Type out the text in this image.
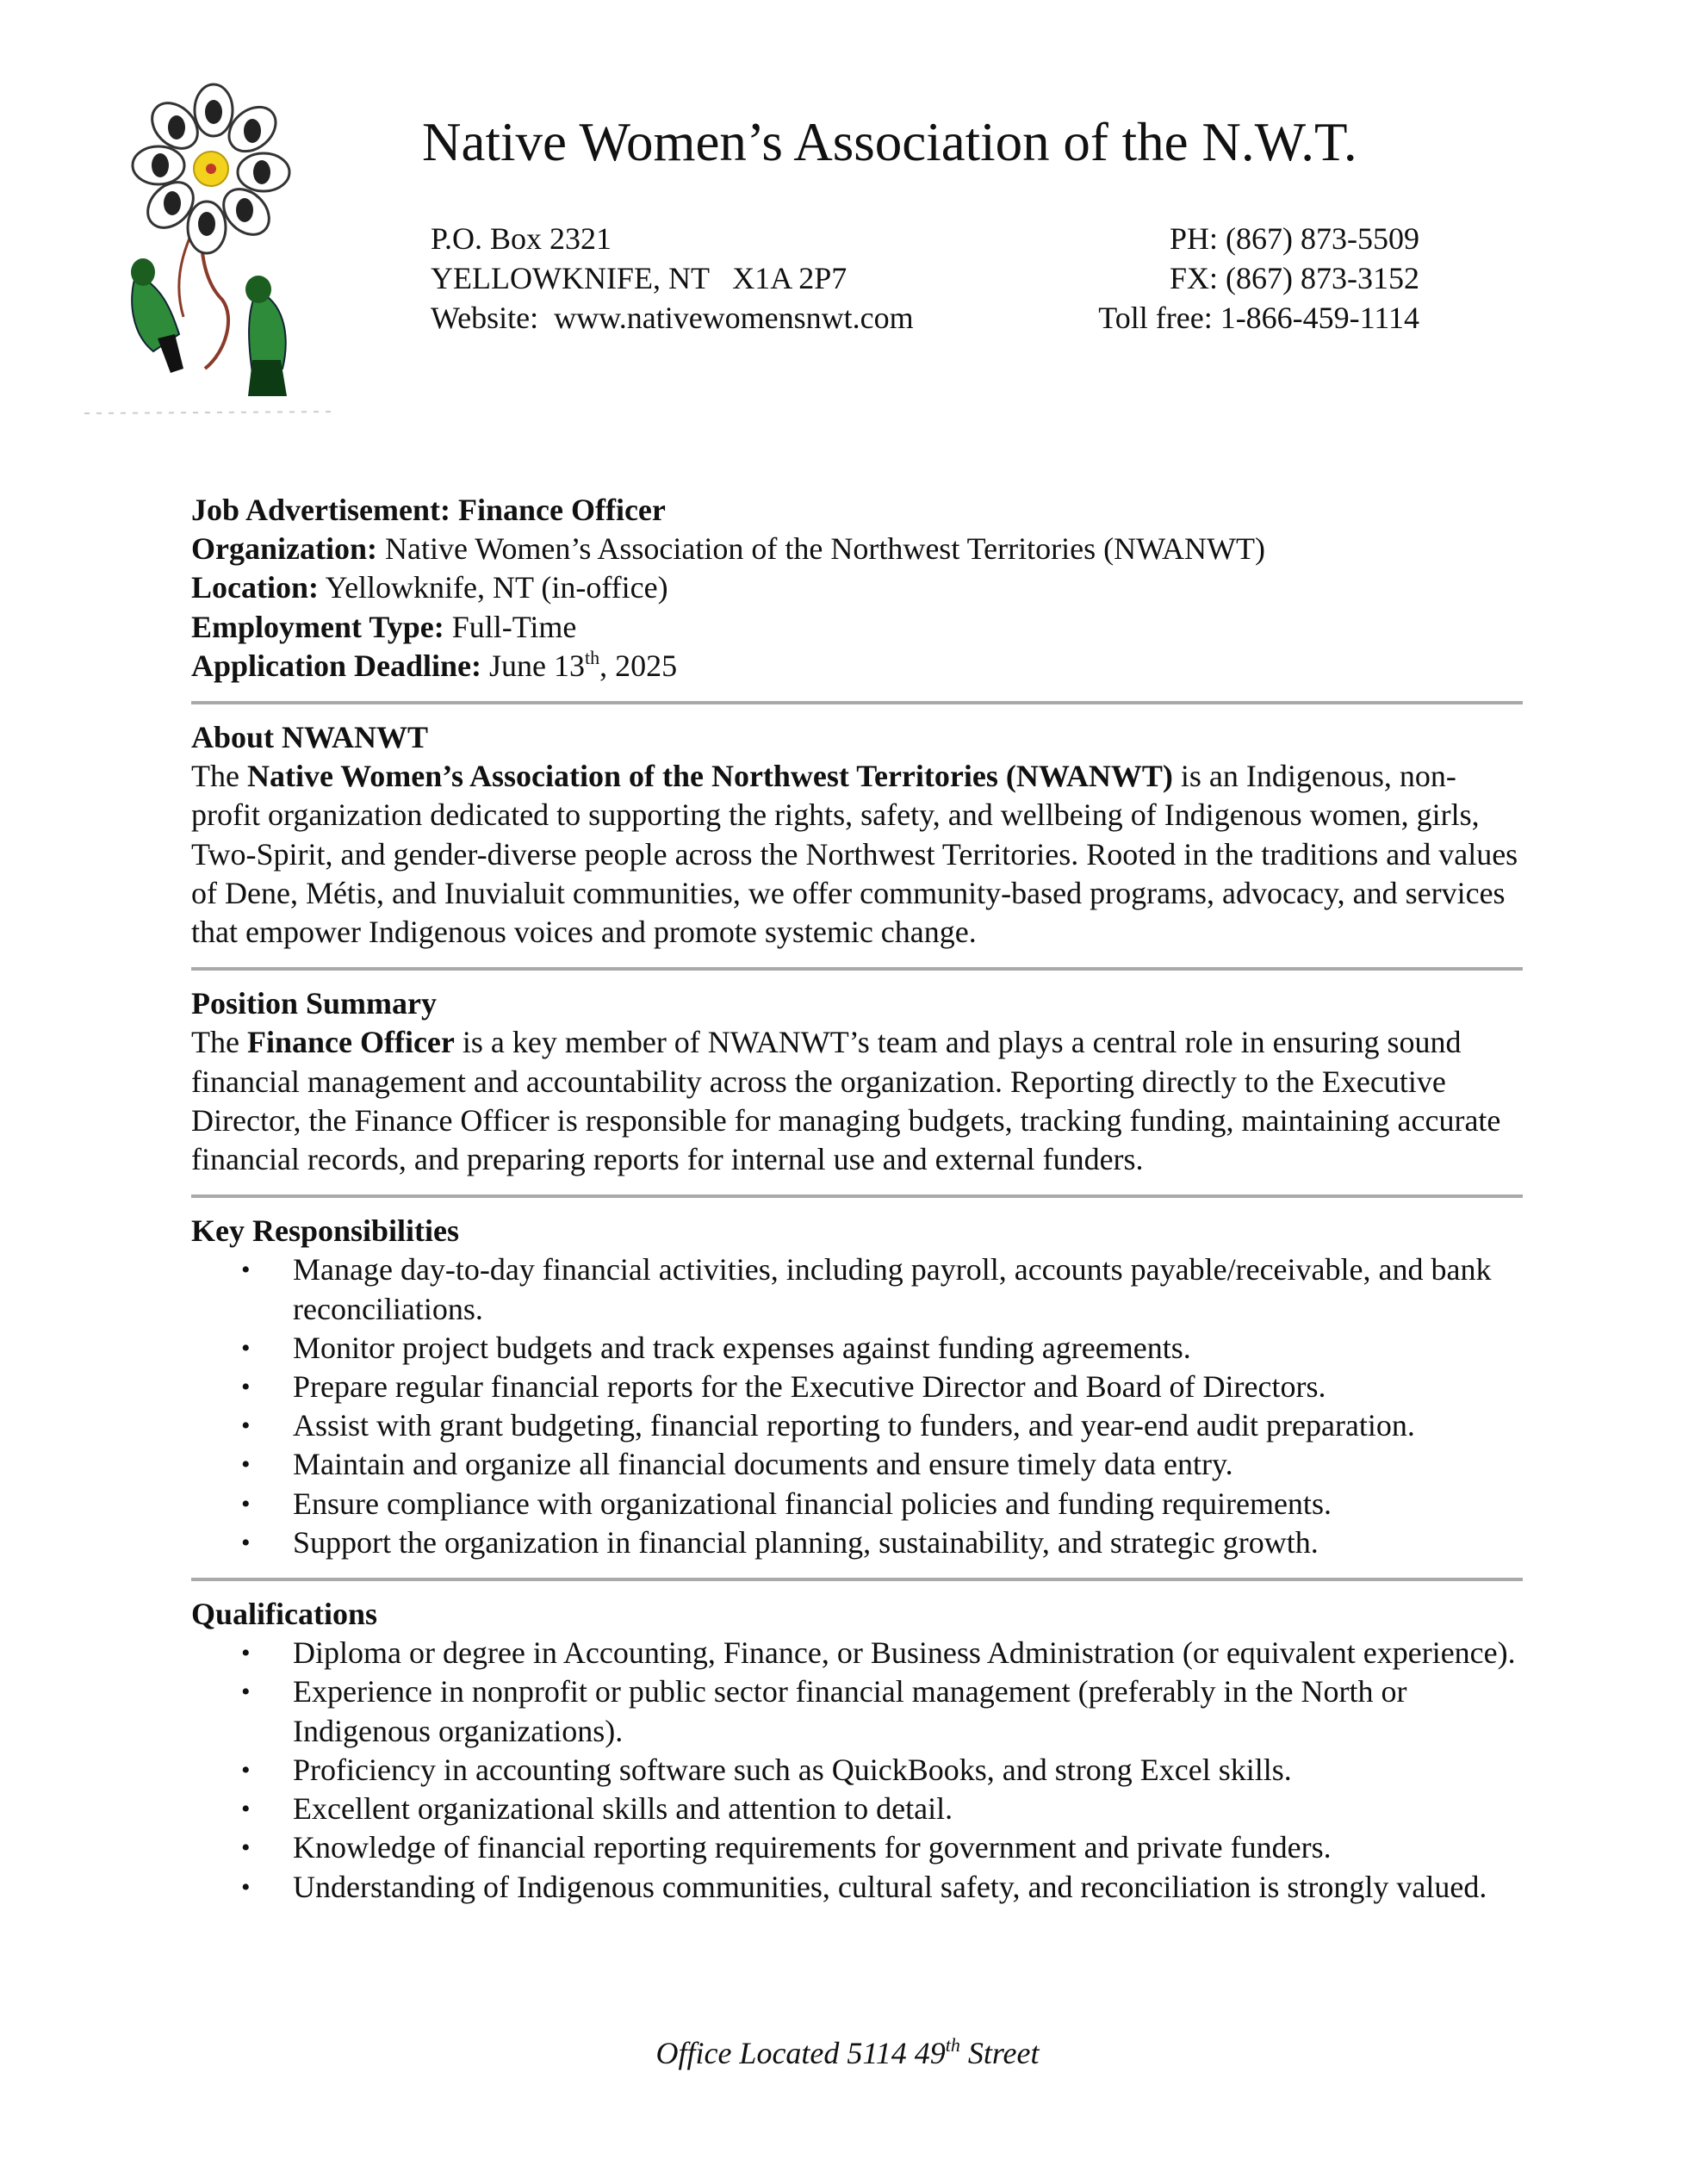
Native Women’s Association of the N.W.T.
P.O. Box 2321
YELLOWKNIFE, NT   X1A 2P7
Website:  www.nativewomensnwt.com
PH: (867) 873-5509
FX: (867) 873-3152
Toll free: 1-866-459-1114
Job Advertisement: Finance Officer
Organization: Native Women’s Association of the Northwest Territories (NWANWT)
Location: Yellowknife, NT (in-office)
Employment Type: Full-Time
Application Deadline: June 13th, 2025
About NWANWT
The Native Women’s Association of the Northwest Territories (NWANWT) is an Indigenous, non-profit organization dedicated to supporting the rights, safety, and wellbeing of Indigenous women, girls, Two-Spirit, and gender-diverse people across the Northwest Territories. Rooted in the traditions and values of Dene, Métis, and Inuvialuit communities, we offer community-based programs, advocacy, and services that empower Indigenous voices and promote systemic change.
Position Summary
The Finance Officer is a key member of NWANWT’s team and plays a central role in ensuring sound financial management and accountability across the organization. Reporting directly to the Executive Director, the Finance Officer is responsible for managing budgets, tracking funding, maintaining accurate financial records, and preparing reports for internal use and external funders.
Key Responsibilities
• Manage day-to-day financial activities, including payroll, accounts payable/receivable, and bank reconciliations.
• Monitor project budgets and track expenses against funding agreements.
• Prepare regular financial reports for the Executive Director and Board of Directors.
• Assist with grant budgeting, financial reporting to funders, and year-end audit preparation.
• Maintain and organize all financial documents and ensure timely data entry.
• Ensure compliance with organizational financial policies and funding requirements.
• Support the organization in financial planning, sustainability, and strategic growth.
Qualifications
• Diploma or degree in Accounting, Finance, or Business Administration (or equivalent experience).
• Experience in nonprofit or public sector financial management (preferably in the North or Indigenous organizations).
• Proficiency in accounting software such as QuickBooks, and strong Excel skills.
• Excellent organizational skills and attention to detail.
• Knowledge of financial reporting requirements for government and private funders.
• Understanding of Indigenous communities, cultural safety, and reconciliation is strongly valued.
Office Located 5114 49th Street
